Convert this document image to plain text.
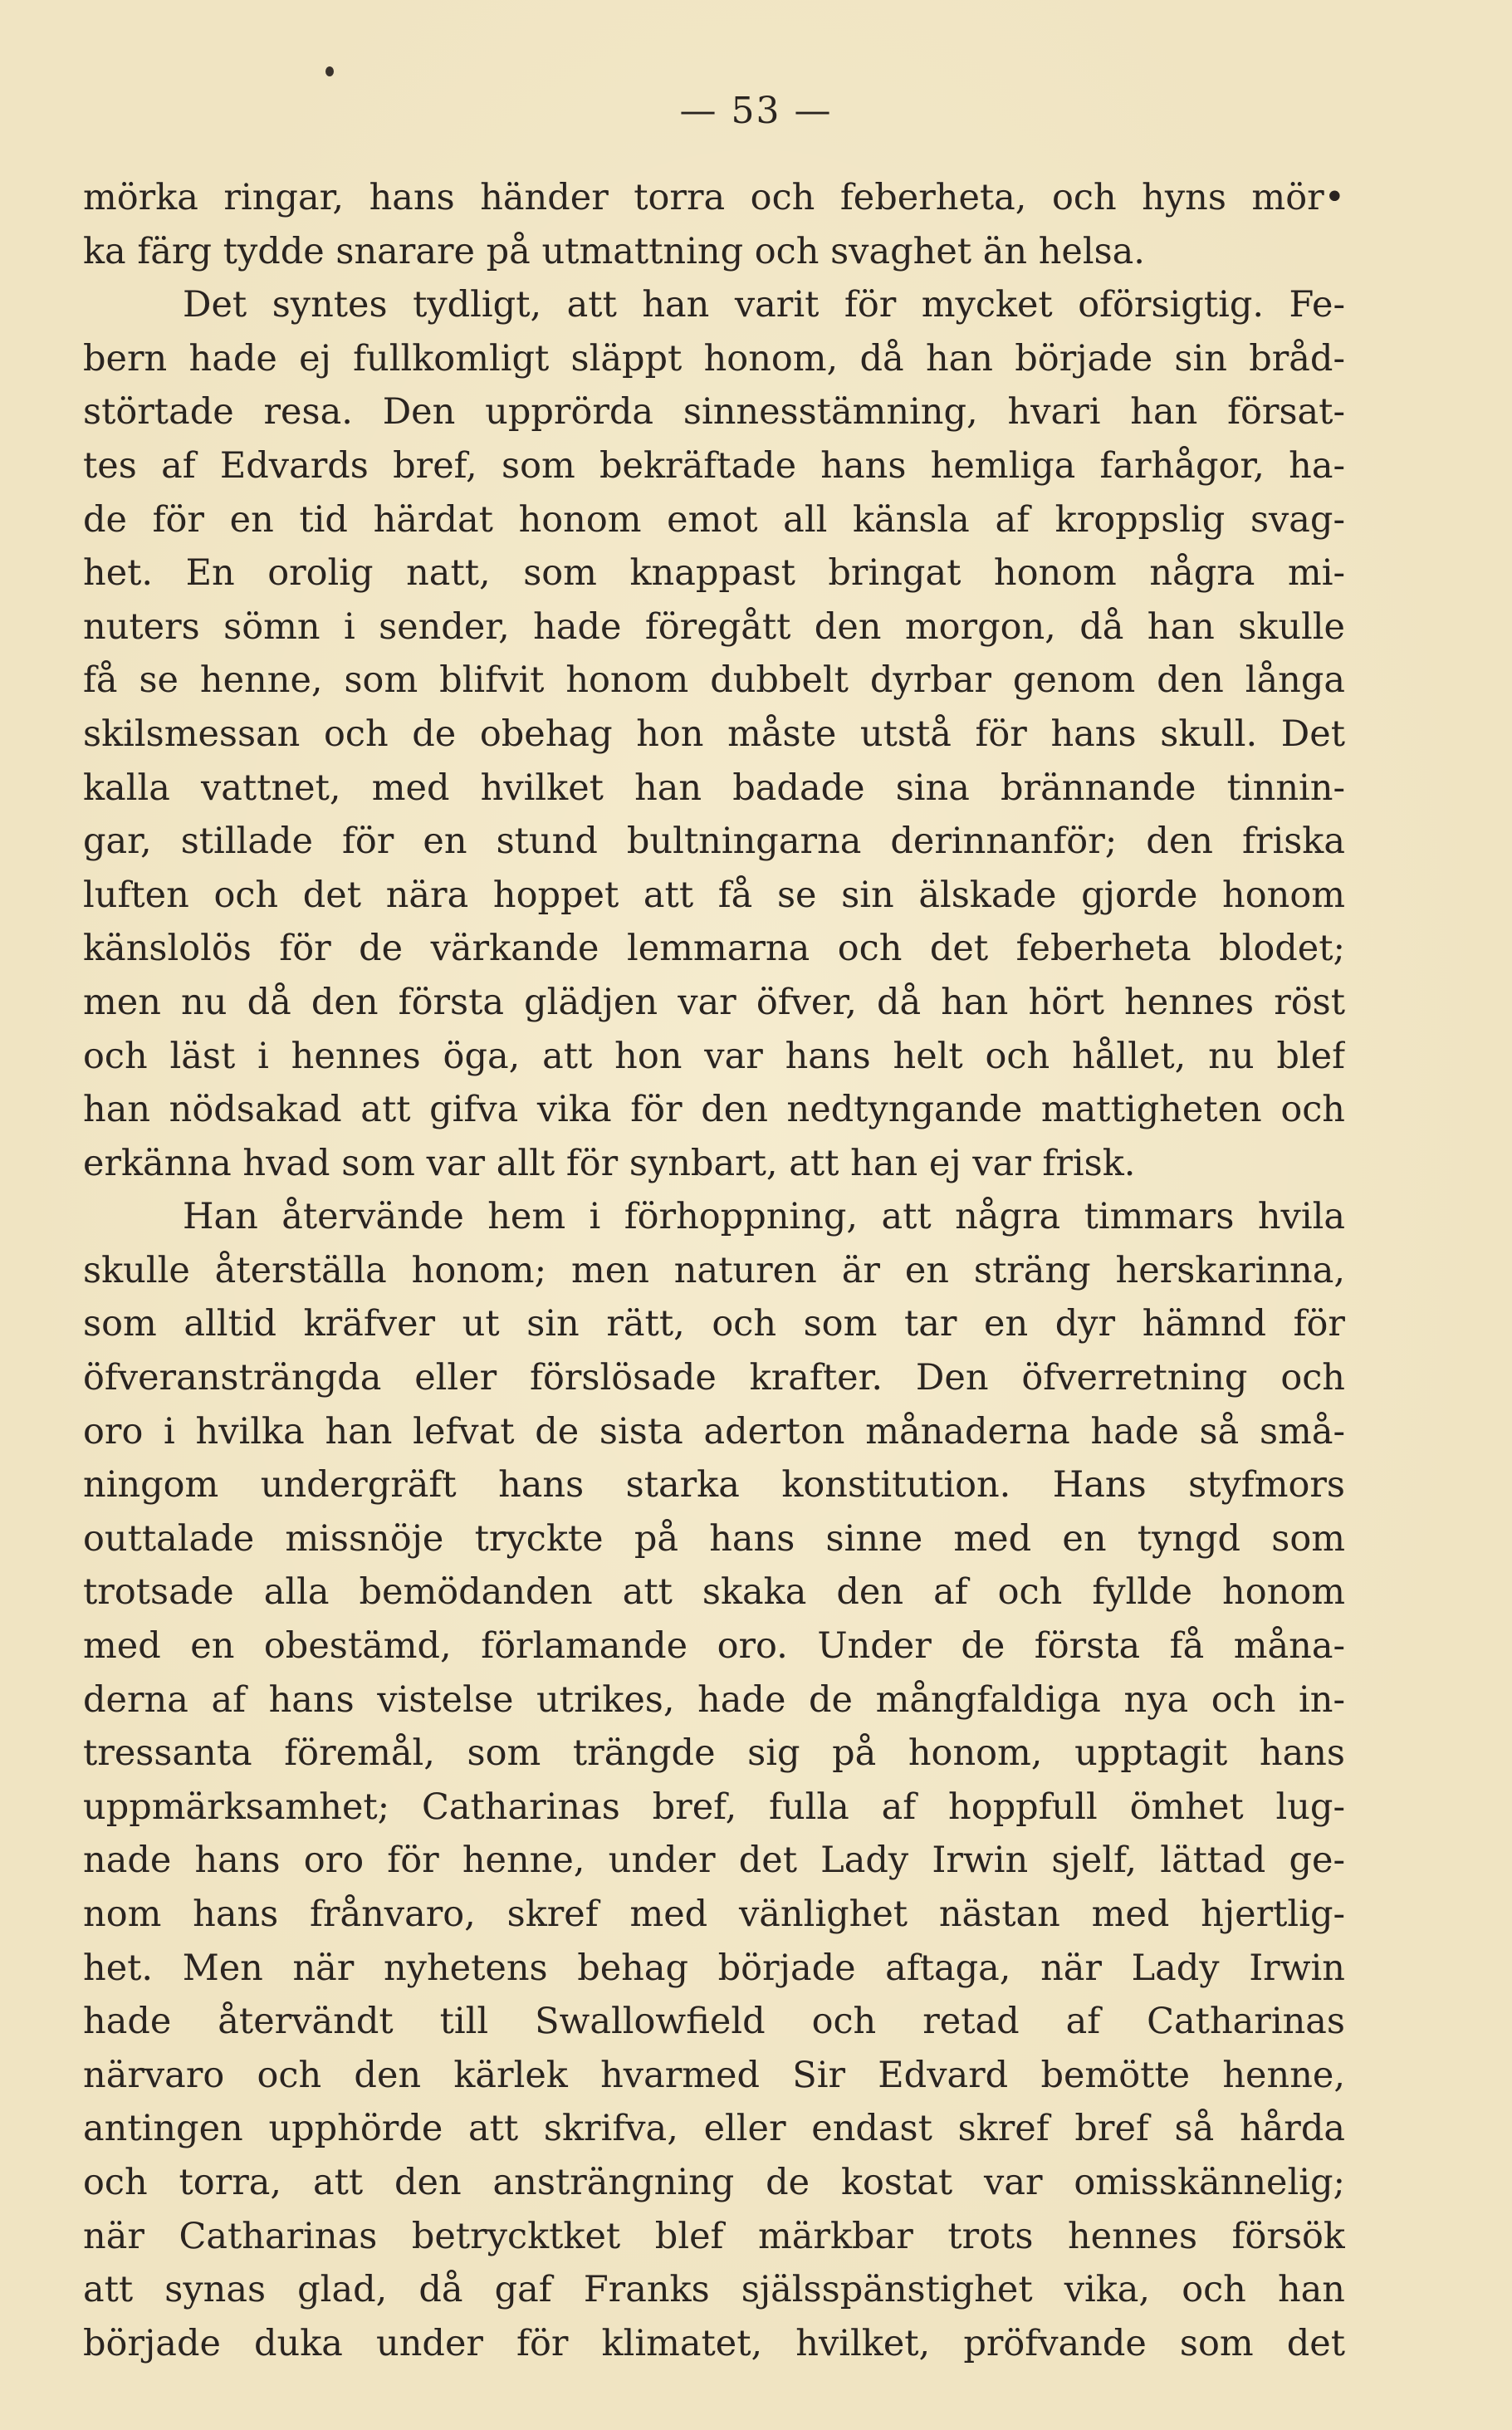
— 53 —
mörka ringar, hans händer torra och feberheta, och hyns mör•
ka färg tydde snarare på utmattning och svaghet än helsa.
Det syntes tydligt, att han varit för mycket oförsigtig. Fe-
bern hade ej fullkomligt släppt honom, då han började sin bråd-
störtade resa. Den upprörda sinnesstämning, hvari han försat-
tes af Edvards bref, som bekräftade hans hemliga farhågor, ha-
de för en tid härdat honom emot all känsla af kroppslig svag-
het. En orolig natt, som knappast bringat honom några mi-
nuters sömn i sender, hade föregått den morgon, då han skulle
få se henne, som blifvit honom dubbelt dyrbar genom den långa
skilsmessan och de obehag hon måste utstå för hans skull. Det
kalla vattnet, med hvilket han badade sina brännande tinnin-
gar, stillade för en stund bultningarna derinnanför; den friska
luften och det nära hoppet att få se sin älskade gjorde honom
känslolös för de värkande lemmarna och det feberheta blodet;
men nu då den första glädjen var öfver, då han hört hennes röst
och läst i hennes öga, att hon var hans helt och hållet, nu blef
han nödsakad att gifva vika för den nedtyngande mattigheten och
erkänna hvad som var allt för synbart, att han ej var frisk.
Han återvände hem i förhoppning, att några timmars hvila
skulle återställa honom; men naturen är en sträng herskarinna,
som alltid kräfver ut sin rätt, och som tar en dyr hämnd för
öfveransträngda eller förslösade krafter. Den öfverretning och
oro i hvilka han lefvat de sista aderton månaderna hade så små-
ningom undergräft hans starka konstitution. Hans styfmors
outtalade missnöje tryckte på hans sinne med en tyngd som
trotsade alla bemödanden att skaka den af och fyllde honom
med en obestämd, förlamande oro. Under de första få måna-
derna af hans vistelse utrikes, hade de mångfaldiga nya och in-
tressanta föremål, som trängde sig på honom, upptagit hans
uppmärksamhet; Catharinas bref, fulla af hoppfull ömhet lug-
nade hans oro för henne, under det Lady Irwin sjelf, lättad ge-
nom hans frånvaro, skref med vänlighet nästan med hjertlig-
het. Men när nyhetens behag började aftaga, när Lady Irwin
hade återvändt till Swallowfield och retad af Catharinas
närvaro och den kärlek hvarmed Sir Edvard bemötte henne,
antingen upphörde att skrifva, eller endast skref bref så hårda
och torra, att den ansträngning de kostat var omisskännelig;
när Catharinas betrycktket blef märkbar trots hennes försök
att synas glad, då gaf Franks själsspänstighet vika, och han
började duka under för klimatet, hvilket, pröfvande som det
